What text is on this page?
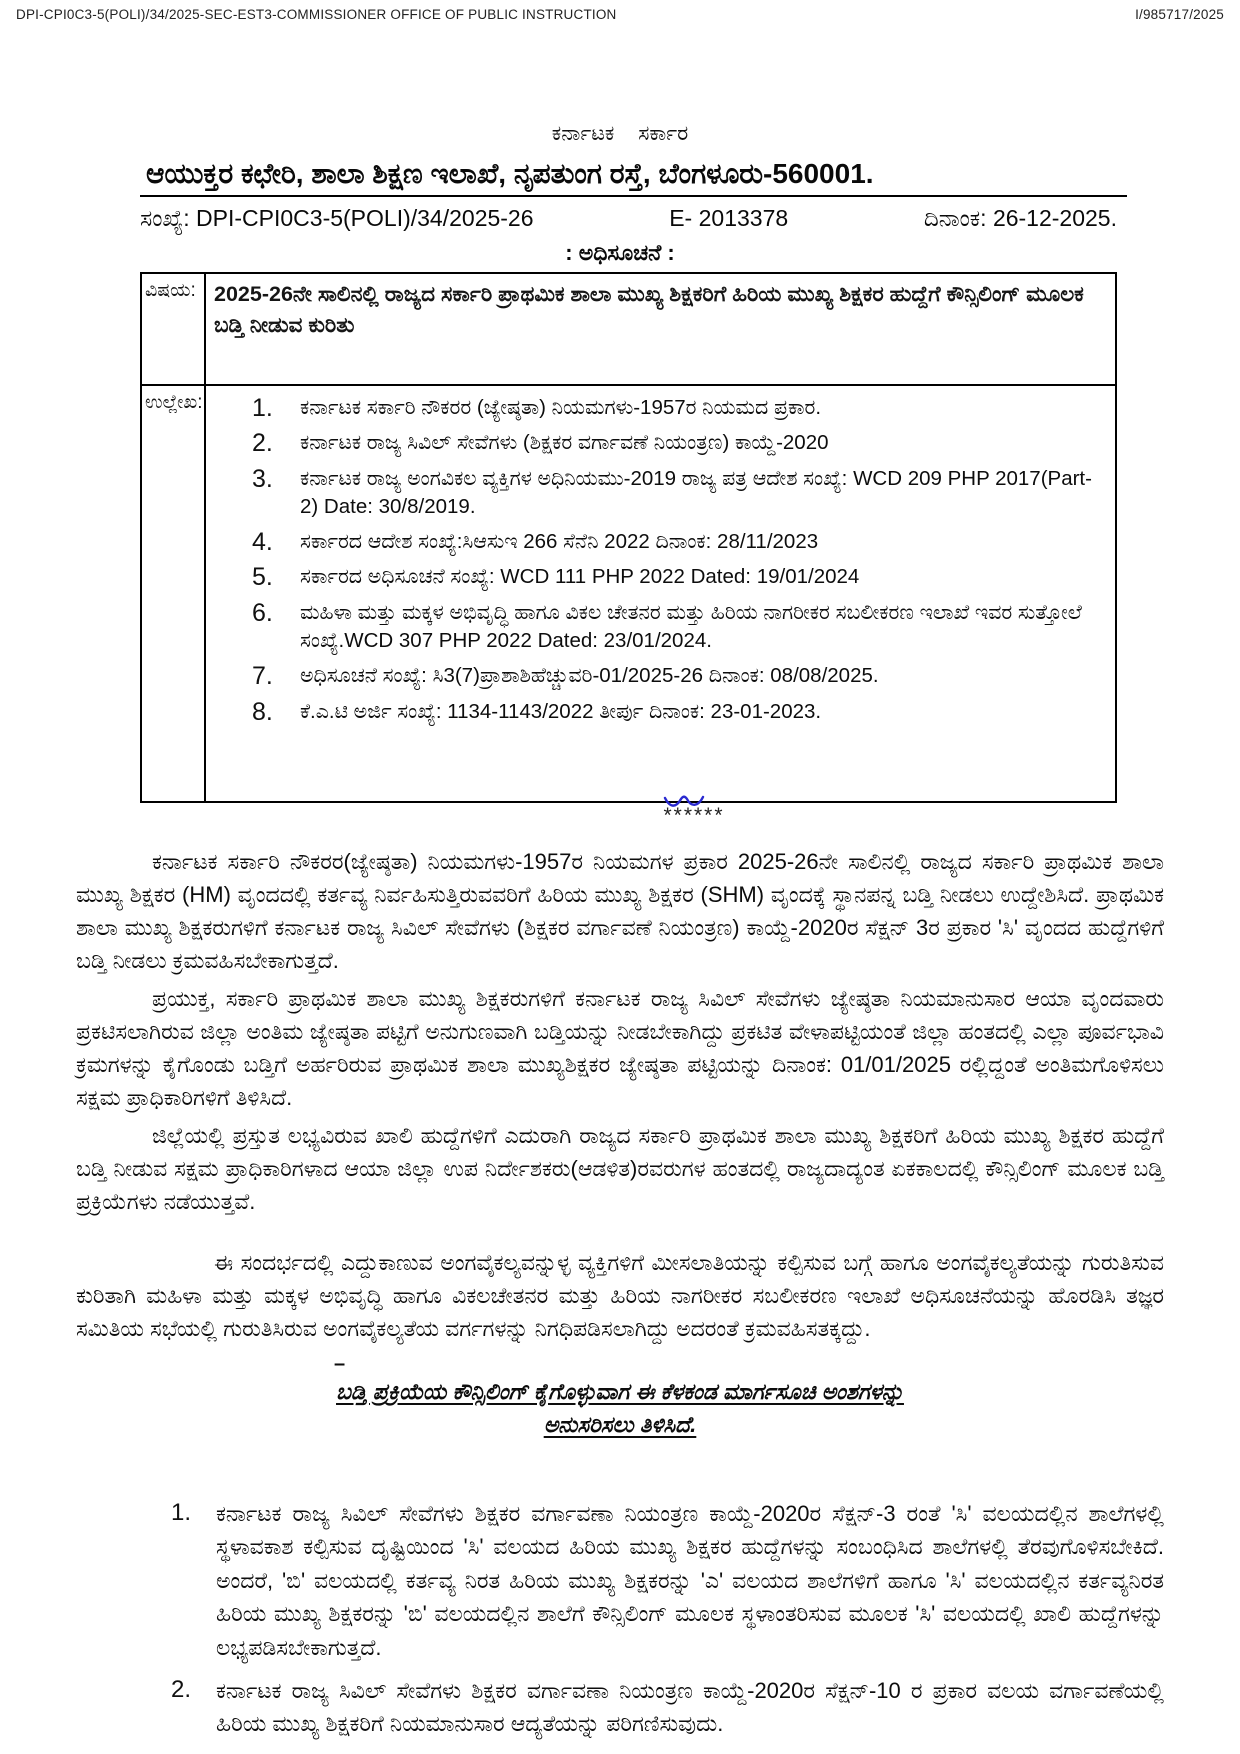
DPI-CPI0C3-5(POLI)/34/2025-SEC-EST3-COMMISSIONER OFFICE OF PUBLIC INSTRUCTION	I/985717/2025
ಕರ್ನಾಟಕ ಸರ್ಕಾರ
ಆಯುಕ್ತರ ಕಛೇರಿ, ಶಾಲಾ ಶಿಕ್ಷಣ ಇಲಾಖೆ, ನೃಪತುಂಗ ರಸ್ತೆ, ಬೆಂಗಳೂರು-560001.
ಸಂಖ್ಯೆ: DPI-CPI0C3-5(POLI)/34/2025-26	E- 2013378	ದಿನಾಂಕ: 26-12-2025.
: ಅಧಿಸೂಚನೆ :
ವಿಷಯ:	2025-26ನೇ ಸಾಲಿನಲ್ಲಿ ರಾಜ್ಯದ ಸರ್ಕಾರಿ ಪ್ರಾಥಮಿಕ ಶಾಲಾ ಮುಖ್ಯ ಶಿಕ್ಷಕರಿಗೆ ಹಿರಿಯ ಮುಖ್ಯ ಶಿಕ್ಷಕರ ಹುದ್ದೆಗೆ ಕೌನ್ಸಿಲಿಂಗ್ ಮೂಲಕ ಬಡ್ತಿ ನೀಡುವ ಕುರಿತು
ಉಲ್ಲೇಖ:	ಕರ್ನಾಟಕ ಸರ್ಕಾರಿ ನೌಕರರ (ಜ್ಯೇಷ್ಠತಾ) ನಿಯಮಗಳು-1957ರ ನಿಯಮದ ಪ್ರಕಾರ.
ಕರ್ನಾಟಕ ರಾಜ್ಯ ಸಿವಿಲ್ ಸೇವೆಗಳು (ಶಿಕ್ಷಕರ ವರ್ಗಾವಣೆ ನಿಯಂತ್ರಣ) ಕಾಯ್ದೆ-2020
ಕರ್ನಾಟಕ ರಾಜ್ಯ ಅಂಗವಿಕಲ ವ್ಯಕ್ತಿಗಳ ಅಧಿನಿಯಮು-2019 ರಾಜ್ಯ ಪತ್ರ ಆದೇಶ ಸಂಖ್ಯೆ: WCD 209 PHP 2017(Part-2) Date: 30/8/2019.
ಸರ್ಕಾರದ ಆದೇಶ ಸಂಖ್ಯೆ:ಸಿಆಸುಇ 266 ಸೆನೆನಿ 2022 ದಿನಾಂಕ: 28/11/2023
ಸರ್ಕಾರದ ಅಧಿಸೂಚನೆ ಸಂಖ್ಯೆ: WCD 111 PHP 2022 Dated: 19/01/2024
ಮಹಿಳಾ ಮತ್ತು ಮಕ್ಕಳ ಅಭಿವೃದ್ಧಿ ಹಾಗೂ ವಿಕಲ ಚೇತನರ ಮತ್ತು ಹಿರಿಯ ನಾಗರೀಕರ ಸಬಲೀಕರಣ ಇಲಾಖೆ ಇವರ ಸುತ್ತೋಲೆ ಸಂಖ್ಯೆ.WCD 307 PHP 2022 Dated: 23/01/2024.
ಅಧಿಸೂಚನೆ ಸಂಖ್ಯೆ: ಸಿ3(7)ಪ್ರಾಶಾಶಿಹೆಚ್ಚುವರಿ-01/2025-26 ದಿನಾಂಕ: 08/08/2025.
ಕೆ.ಎ.ಟಿ ಅರ್ಜಿ ಸಂಖ್ಯೆ: 1134-1143/2022 ತೀರ್ಪು ದಿನಾಂಕ: 23-01-2023.
******

ಕರ್ನಾಟಕ ಸರ್ಕಾರಿ ನೌಕರರ(ಜ್ಯೇಷ್ಠತಾ) ನಿಯಮಗಳು-1957ರ ನಿಯಮಗಳ ಪ್ರಕಾರ 2025-26ನೇ ಸಾಲಿನಲ್ಲಿ ರಾಜ್ಯದ ಸರ್ಕಾರಿ ಪ್ರಾಥಮಿಕ ಶಾಲಾ ಮುಖ್ಯ ಶಿಕ್ಷಕರ (HM) ವೃಂದದಲ್ಲಿ ಕರ್ತವ್ಯ ನಿರ್ವಹಿಸುತ್ತಿರುವವರಿಗೆ ಹಿರಿಯ ಮುಖ್ಯ ಶಿಕ್ಷಕರ (SHM) ವೃಂದಕ್ಕೆ ಸ್ಥಾನಪನ್ನ ಬಡ್ತಿ ನೀಡಲು ಉದ್ದೇಶಿಸಿದೆ. ಪ್ರಾಥಮಿಕ ಶಾಲಾ ಮುಖ್ಯ ಶಿಕ್ಷಕರುಗಳಿಗೆ ಕರ್ನಾಟಕ ರಾಜ್ಯ ಸಿವಿಲ್ ಸೇವೆಗಳು (ಶಿಕ್ಷಕರ ವರ್ಗಾವಣೆ ನಿಯಂತ್ರಣ) ಕಾಯ್ದೆ-2020ರ ಸೆಕ್ಷನ್ 3ರ ಪ್ರಕಾರ 'ಸಿ' ವೃಂದದ ಹುದ್ದೆಗಳಿಗೆ ಬಡ್ತಿ ನೀಡಲು ಕ್ರಮವಹಿಸಬೇಕಾಗುತ್ತದೆ.

ಪ್ರಯುಕ್ತ, ಸರ್ಕಾರಿ ಪ್ರಾಥಮಿಕ ಶಾಲಾ ಮುಖ್ಯ ಶಿಕ್ಷಕರುಗಳಿಗೆ ಕರ್ನಾಟಕ ರಾಜ್ಯ ಸಿವಿಲ್ ಸೇವೆಗಳು ಜ್ಯೇಷ್ಠತಾ ನಿಯಮಾನುಸಾರ ಆಯಾ ವೃಂದವಾರು ಪ್ರಕಟಿಸಲಾಗಿರುವ ಜಿಲ್ಲಾ ಅಂತಿಮ ಜ್ಯೇಷ್ಠತಾ ಪಟ್ಟಿಗೆ ಅನುಗುಣವಾಗಿ ಬಡ್ತಿಯನ್ನು ನೀಡಬೇಕಾಗಿದ್ದು ಪ್ರಕಟಿತ ವೇಳಾಪಟ್ಟಿಯಂತೆ ಜಿಲ್ಲಾ ಹಂತದಲ್ಲಿ ಎಲ್ಲಾ ಪೂರ್ವಭಾವಿ ಕ್ರಮಗಳನ್ನು ಕೈಗೊಂಡು ಬಡ್ತಿಗೆ ಅರ್ಹರಿರುವ ಪ್ರಾಥಮಿಕ ಶಾಲಾ ಮುಖ್ಯಶಿಕ್ಷಕರ ಜ್ಯೇಷ್ಠತಾ ಪಟ್ಟಿಯನ್ನು ದಿನಾಂಕ: 01/01/2025 ರಲ್ಲಿದ್ದಂತೆ ಅಂತಿಮಗೊಳಿಸಲು ಸಕ್ಷಮ ಪ್ರಾಧಿಕಾರಿಗಳಿಗೆ ತಿಳಿಸಿದೆ.

ಜಿಲ್ಲೆಯಲ್ಲಿ ಪ್ರಸ್ತುತ ಲಭ್ಯವಿರುವ ಖಾಲಿ ಹುದ್ದೆಗಳಿಗೆ ಎದುರಾಗಿ ರಾಜ್ಯದ ಸರ್ಕಾರಿ ಪ್ರಾಥಮಿಕ ಶಾಲಾ ಮುಖ್ಯ ಶಿಕ್ಷಕರಿಗೆ ಹಿರಿಯ ಮುಖ್ಯ ಶಿಕ್ಷಕರ ಹುದ್ದೆಗೆ ಬಡ್ತಿ ನೀಡುವ ಸಕ್ಷಮ ಪ್ರಾಧಿಕಾರಿಗಳಾದ ಆಯಾ ಜಿಲ್ಲಾ ಉಪ ನಿರ್ದೇಶಕರು(ಆಡಳಿತ)ರವರುಗಳ ಹಂತದಲ್ಲಿ ರಾಜ್ಯದಾದ್ಯಂತ ಏಕಕಾಲದಲ್ಲಿ ಕೌನ್ಸಿಲಿಂಗ್ ಮೂಲಕ ಬಡ್ತಿ ಪ್ರಕ್ರಿಯೆಗಳು ನಡೆಯುತ್ತವೆ.

ಈ ಸಂದರ್ಭದಲ್ಲಿ ಎದ್ದುಕಾಣುವ ಅಂಗವೈಕಲ್ಯವನ್ನುಳ್ಳ ವ್ಯಕ್ತಿಗಳಿಗೆ ಮೀಸಲಾತಿಯನ್ನು ಕಲ್ಪಿಸುವ ಬಗ್ಗೆ ಹಾಗೂ ಅಂಗವೈಕಲ್ಯತೆಯನ್ನು ಗುರುತಿಸುವ ಕುರಿತಾಗಿ ಮಹಿಳಾ ಮತ್ತು ಮಕ್ಕಳ ಅಭಿವೃದ್ಧಿ ಹಾಗೂ ವಿಕಲಚೇತನರ ಮತ್ತು ಹಿರಿಯ ನಾಗರೀಕರ ಸಬಲೀಕರಣ ಇಲಾಖೆ ಅಧಿಸೂಚನೆಯನ್ನು ಹೊರಡಿಸಿ ತಜ್ಞರ ಸಮಿತಿಯ ಸಭೆಯಲ್ಲಿ ಗುರುತಿಸಿರುವ ಅಂಗವೈಕಲ್ಯತೆಯ ವರ್ಗಗಳನ್ನು ನಿಗಧಿಪಡಿಸಲಾಗಿದ್ದು ಅದರಂತೆ ಕ್ರಮವಹಿಸತಕ್ಕದ್ದು.

–
ಬಡ್ತಿ ಪ್ರಕ್ರಿಯೆಯ ಕೌನ್ಸಿಲಿಂಗ್ ಕೈಗೊಳ್ಳುವಾಗ ಈ ಕೆಳಕಂಡ ಮಾರ್ಗಸೂಚಿ ಅಂಶಗಳನ್ನು
ಅನುಸರಿಸಲು ತಿಳಿಸಿದೆ.
ಕರ್ನಾಟಕ ರಾಜ್ಯ ಸಿವಿಲ್ ಸೇವೆಗಳು ಶಿಕ್ಷಕರ ವರ್ಗಾವಣಾ ನಿಯಂತ್ರಣ ಕಾಯ್ದೆ-2020ರ ಸೆಕ್ಷನ್-3 ರಂತೆ 'ಸಿ' ವಲಯದಲ್ಲಿನ ಶಾಲೆಗಳಲ್ಲಿ ಸ್ಥಳಾವಕಾಶ ಕಲ್ಪಿಸುವ ದೃಷ್ಟಿಯಿಂದ 'ಸಿ' ವಲಯದ ಹಿರಿಯ ಮುಖ್ಯ ಶಿಕ್ಷಕರ ಹುದ್ದೆಗಳನ್ನು ಸಂಬಂಧಿಸಿದ ಶಾಲೆಗಳಲ್ಲಿ ತೆರವುಗೊಳಿಸಬೇಕಿದೆ. ಅಂದರೆ, 'ಬಿ' ವಲಯದಲ್ಲಿ ಕರ್ತವ್ಯ ನಿರತ ಹಿರಿಯ ಮುಖ್ಯ ಶಿಕ್ಷಕರನ್ನು 'ಎ' ವಲಯದ ಶಾಲೆಗಳಿಗೆ ಹಾಗೂ 'ಸಿ' ವಲಯದಲ್ಲಿನ ಕರ್ತವ್ಯನಿರತ ಹಿರಿಯ ಮುಖ್ಯ ಶಿಕ್ಷಕರನ್ನು 'ಬಿ' ವಲಯದಲ್ಲಿನ ಶಾಲೆಗೆ ಕೌನ್ಸಿಲಿಂಗ್ ಮೂಲಕ ಸ್ಥಳಾಂತರಿಸುವ ಮೂಲಕ 'ಸಿ' ವಲಯದಲ್ಲಿ ಖಾಲಿ ಹುದ್ದೆಗಳನ್ನು ಲಭ್ಯಪಡಿಸಬೇಕಾಗುತ್ತದೆ.
ಕರ್ನಾಟಕ ರಾಜ್ಯ ಸಿವಿಲ್ ಸೇವೆಗಳು ಶಿಕ್ಷಕರ ವರ್ಗಾವಣಾ ನಿಯಂತ್ರಣ ಕಾಯ್ದೆ-2020ರ ಸೆಕ್ಷನ್-10 ರ ಪ್ರಕಾರ ವಲಯ ವರ್ಗಾವಣೆಯಲ್ಲಿ ಹಿರಿಯ ಮುಖ್ಯ ಶಿಕ್ಷಕರಿಗೆ ನಿಯಮಾನುಸಾರ ಆದ್ಯತೆಯನ್ನು ಪರಿಗಣಿಸುವುದು.
